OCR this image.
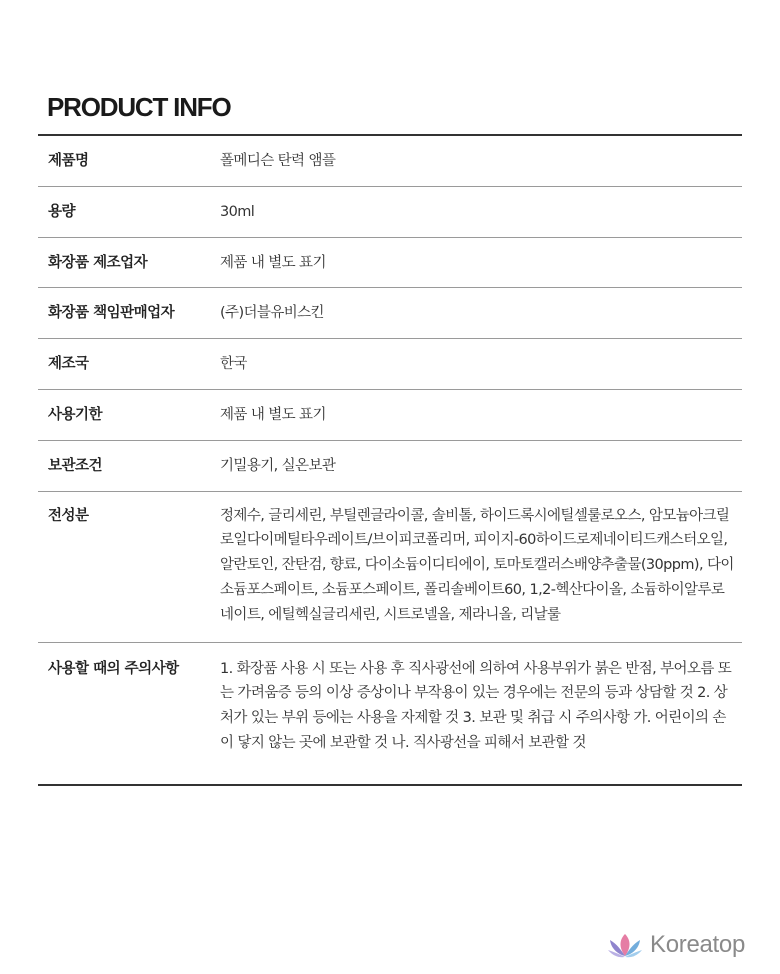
PRODUCT INFO
제품명	폴메디슨 탄력 앰플
용량	30ml
화장품 제조업자	제품 내 별도 표기
화장품 책임판매업자	(주)더블유비스킨
제조국	한국
사용기한	제품 내 별도 표기
보관조건	기밀용기, 실온보관
전성분	정제수, 글리세린, 부틸렌글라이콜, 솔비톨, 하이드록시에틸셀룰로오스, 암모늄아크릴로일다이메틸타우레이트/브이피코폴리머, 피이지-60하이드로제네이티드캐스터오일, 알란토인, 잔탄검, 향료, 다이소듐이디티에이, 토마토캘러스배양추출물(30ppm), 다이소듐포스페이트, 소듐포스페이트, 폴리솔베이트60, 1,2-헥산다이올, 소듐하이알루로네이트, 에틸헥실글리세린, 시트로넬올, 제라니올, 리날룰
사용할 때의 주의사항	1. 화장품 사용 시 또는 사용 후 직사광선에 의하여 사용부위가 붉은 반점, 부어오름 또는 가려움증 등의 이상 증상이나 부작용이 있는 경우에는 전문의 등과 상담할 것 2. 상처가 있는 부위 등에는 사용을 자제할 것 3. 보관 및 취급 시 주의사항 가. 어린이의 손이 닿지 않는 곳에 보관할 것 나. 직사광선을 피해서 보관할 것
Koreatop
